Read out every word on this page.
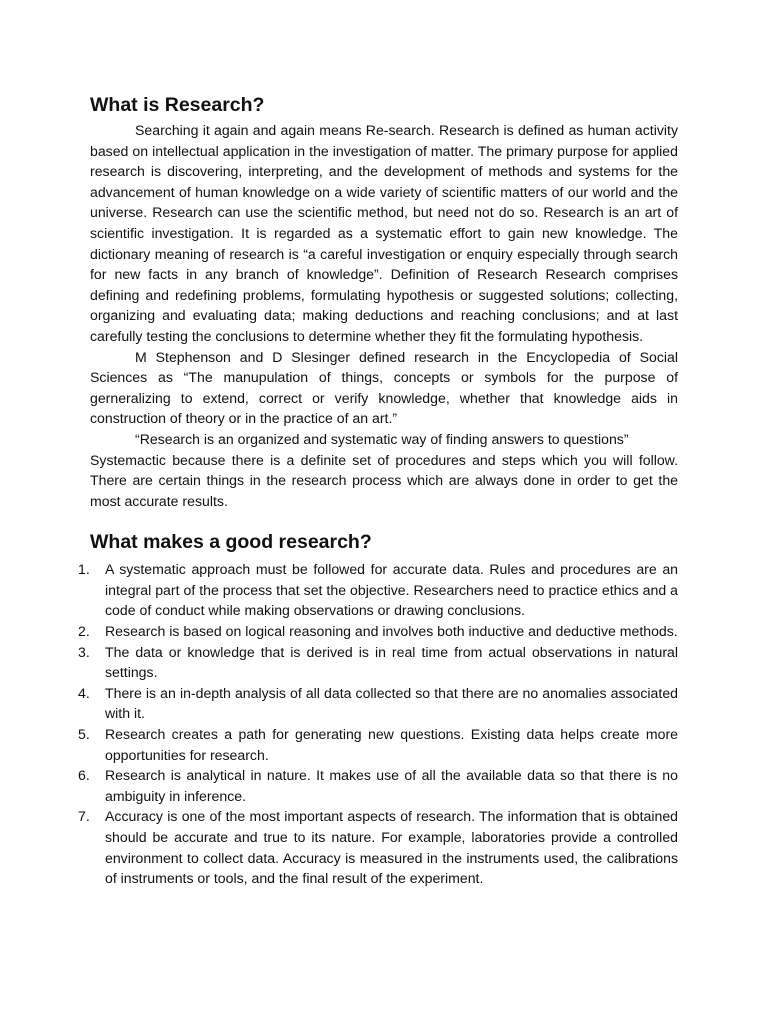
What is Research?

Searching it again and again means Re-search. Research is defined as human activity based on intellectual application in the investigation of matter. The primary purpose for applied research is discovering, interpreting, and the development of methods and systems for the advancement of human knowledge on a wide variety of scientific matters of our world and the universe. Research can use the scientific method, but need not do so. Research is an art of scientific investigation. It is regarded as a systematic effort to gain new knowledge. The dictionary meaning of research is “a careful investigation or enquiry especially through search for new facts in any branch of knowledge”. Definition of Research Research comprises defining and redefining problems, formulating hypothesis or suggested solutions; collecting, organizing and evaluating data; making deductions and reaching conclusions; and at last carefully testing the conclusions to determine whether they fit the formulating hypothesis.

M Stephenson and D Slesinger defined research in the Encyclopedia of Social Sciences as “The manupulation of things, concepts or symbols for the purpose of gerneralizing to extend, correct or verify knowledge, whether that knowledge aids in construction of theory or in the practice of an art.”

“Research is an organized and systematic way of finding answers to questions”

Systemactic because there is a definite set of procedures and steps which you will follow. There are certain things in the research process which are always done in order to get the most accurate results.

What makes a good research?
1. A systematic approach must be followed for accurate data. Rules and procedures are an integral part of the process that set the objective. Researchers need to practice ethics and a code of conduct while making observations or drawing conclusions.
2. Research is based on logical reasoning and involves both inductive and deductive methods.
3. The data or knowledge that is derived is in real time from actual observations in natural settings.
4. There is an in-depth analysis of all data collected so that there are no anomalies associated with it.
5. Research creates a path for generating new questions. Existing data helps create more opportunities for research.
6. Research is analytical in nature. It makes use of all the available data so that there is no ambiguity in inference.
7. Accuracy is one of the most important aspects of research. The information that is obtained should be accurate and true to its nature. For example, laboratories provide a controlled environment to collect data. Accuracy is measured in the instruments used, the calibrations of instruments or tools, and the final result of the experiment.
